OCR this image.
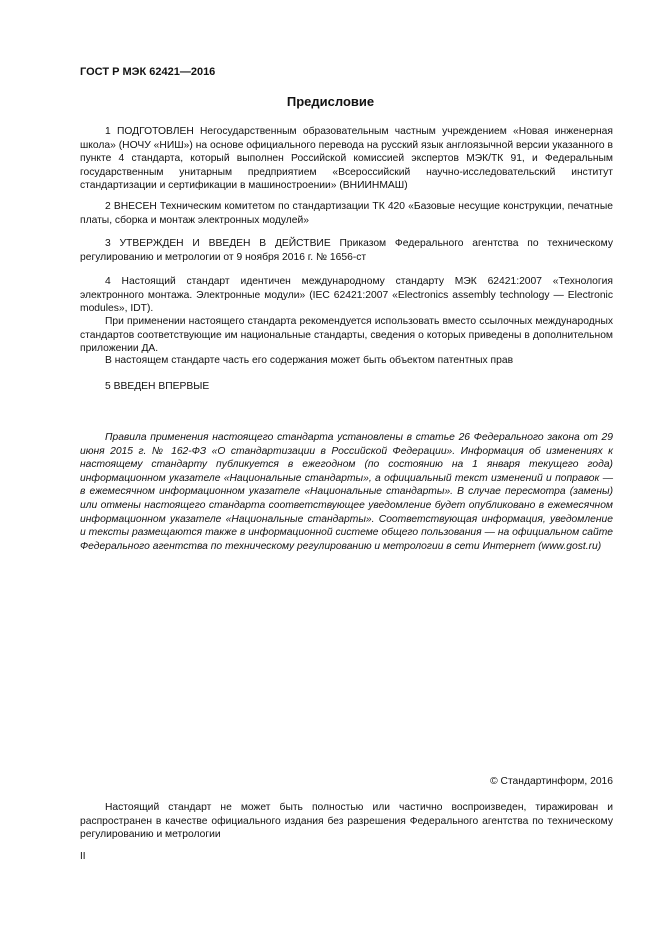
ГОСТ Р МЭК 62421—2016
Предисловие

1 ПОДГОТОВЛЕН Негосударственным образовательным частным учреждением «Новая инженерная школа» (НОЧУ «НИШ») на основе официального перевода на русский язык англоязычной версии указанного в пункте 4 стандарта, который выполнен Российской комиссией экспертов МЭК/ТК 91, и Федеральным государственным унитарным предприятием «Всероссийский научно-исследовательский институт стандартизации и сертификации в машиностроении» (ВНИИНМАШ)

2 ВНЕСЕН Техническим комитетом по стандартизации ТК 420 «Базовые несущие конструкции, печатные платы, сборка и монтаж электронных модулей»

3 УТВЕРЖДЕН И ВВЕДЕН В ДЕЙСТВИЕ Приказом Федерального агентства по техническому регулированию и метрологии от 9 ноября 2016 г. № 1656-ст

4 Настоящий стандарт идентичен международному стандарту МЭК 62421:2007 «Технология электронного монтажа. Электронные модули» (IEC 62421:2007 «Electronics assembly technology — Electronic modules», IDT).

При применении настоящего стандарта рекомендуется использовать вместо ссылочных международных стандартов соответствующие им национальные стандарты, сведения о которых приведены в дополнительном приложении ДА.

В настоящем стандарте часть его содержания может быть объектом патентных прав

5 ВВЕДЕН ВПЕРВЫЕ

Правила применения настоящего стандарта установлены в статье 26 Федерального закона от 29 июня 2015 г. № 162-ФЗ «О стандартизации в Российской Федерации». Информация об изменениях к настоящему стандарту публикуется в ежегодном (по состоянию на 1 января текущего года) информационном указателе «Национальные стандарты», а официальный текст изменений и поправок — в ежемесячном информационном указателе «Национальные стандарты». В случае пересмотра (замены) или отмены настоящего стандарта соответствующее уведомление будет опубликовано в ежемесячном информационном указателе «Национальные стандарты». Соответствующая информация, уведомление и тексты размещаются также в информационной системе общего пользования — на официальном сайте Федерального агентства по техническому регулированию и метрологии в сети Интернет (www.gost.ru)

© Стандартинформ, 2016

Настоящий стандарт не может быть полностью или частично воспроизведен, тиражирован и распространен в качестве официального издания без разрешения Федерального агентства по техническому регулированию и метрологии

II
